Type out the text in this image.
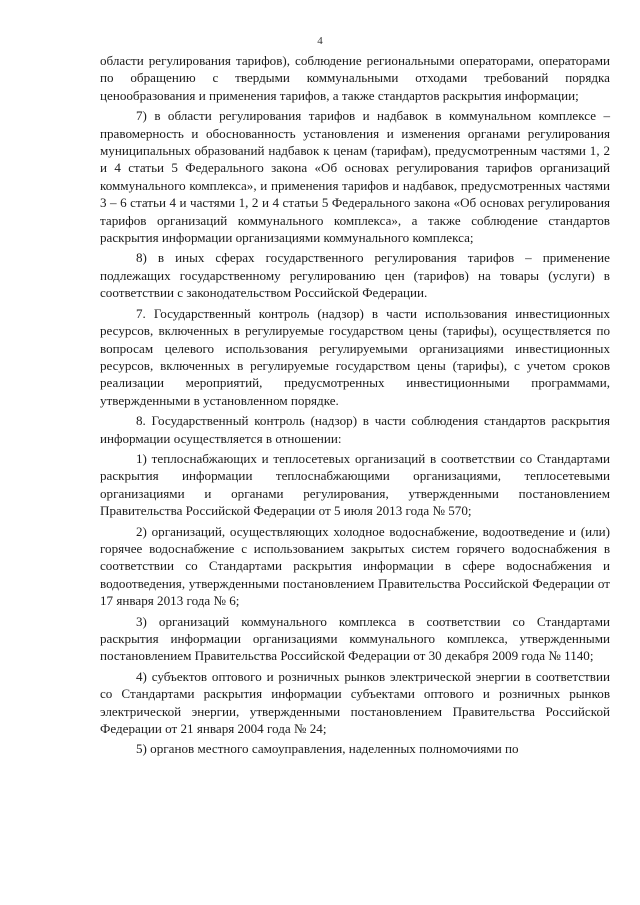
4

области регулирования тарифов), соблюдение региональными операторами, операторами по обращению с твердыми коммунальными отходами требований порядка ценообразования и применения тарифов, а также стандартов раскрытия информации;

7) в области регулирования тарифов и надбавок в коммунальном комплексе – правомерность и обоснованность установления и изменения органами регулирования муниципальных образований надбавок к ценам (тарифам), предусмотренным частями 1, 2 и 4 статьи 5 Федерального закона «Об основах регулирования тарифов организаций коммунального комплекса», и применения тарифов и надбавок, предусмотренных частями 3 – 6 статьи 4 и частями 1, 2 и 4 статьи 5 Федерального закона «Об основах регулирования тарифов организаций коммунального комплекса», а также соблюдение стандартов раскрытия информации организациями коммунального комплекса;

8) в иных сферах государственного регулирования тарифов – применение подлежащих государственному регулированию цен (тарифов) на товары (услуги) в соответствии с законодательством Российской Федерации.

7. Государственный контроль (надзор) в части использования инвестиционных ресурсов, включенных в регулируемые государством цены (тарифы), осуществляется по вопросам целевого использования регулируемыми организациями инвестиционных ресурсов, включенных в регулируемые государством цены (тарифы), с учетом сроков реализации мероприятий, предусмотренных инвестиционными программами, утвержденными в установленном порядке.

8. Государственный контроль (надзор) в части соблюдения стандартов раскрытия информации осуществляется в отношении:

1) теплоснабжающих и теплосетевых организаций в соответствии со Стандартами раскрытия информации теплоснабжающими организациями, теплосетевыми организациями и органами регулирования, утвержденными постановлением Правительства Российской Федерации от 5 июля 2013 года № 570;

2) организаций, осуществляющих холодное водоснабжение, водоотведение и (или) горячее водоснабжение с использованием закрытых систем горячего водоснабжения в соответствии со Стандартами раскрытия информации в сфере водоснабжения и водоотведения, утвержденными постановлением Правительства Российской Федерации от 17 января 2013 года № 6;

3) организаций коммунального комплекса в соответствии со Стандартами раскрытия информации организациями коммунального комплекса, утвержденными постановлением Правительства Российской Федерации от 30 декабря 2009 года № 1140;

4) субъектов оптового и розничных рынков электрической энергии в соответствии со Стандартами раскрытия информации субъектами оптового и розничных рынков электрической энергии, утвержденными постановлением Правительства Российской Федерации от 21 января 2004 года № 24;

5) органов местного самоуправления, наделенных полномочиями по
